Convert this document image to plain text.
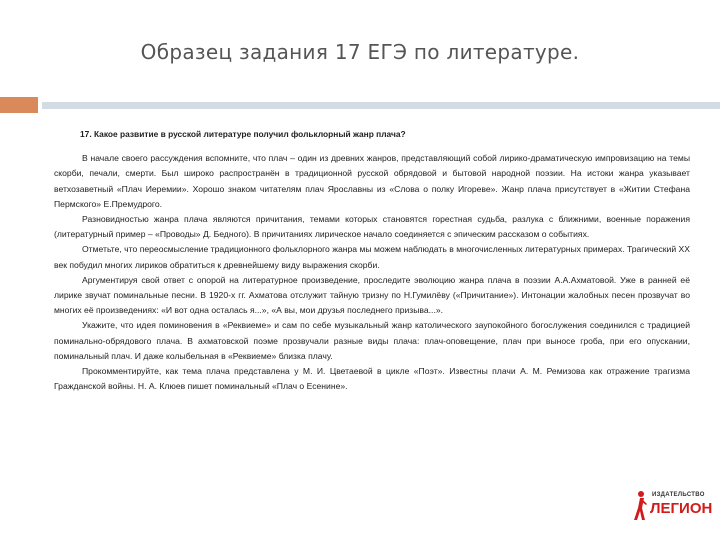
Образец задания 17 ЕГЭ по литературе.
17. Какое развитие в русской литературе получил фольклорный жанр плача?

В начале своего рассуждения вспомните, что плач – один из древних жанров, представляющий собой лирико-драматическую импровизацию на темы скорби, печали, смерти. Был широко распространён в традиционной русской обрядовой и бытовой народной поэзии. На истоки жанра указывает ветхозаветный «Плач Иеремии». Хорошо знаком читателям плач Ярославны из «Слова о полку Игореве». Жанр плача присутствует в «Житии Стефана Пермского» Е.Премудрого.

Разновидностью жанра плача являются причитания, темами которых становятся горестная судьба, разлука с ближними, военные поражения (литературный пример – «Проводы» Д. Бедного). В причитаниях лирическое начало соединяется с эпическим рассказом о событиях.

Отметьте, что переосмысление традиционного фольклорного жанра мы можем наблюдать в многочисленных литературных примерах. Трагический XX век побудил многих лириков обратиться к древнейшему виду выражения скорби.

Аргументируя свой ответ с опорой на литературное произведение, проследите эволюцию жанра плача в поэзии А.А.Ахматовой. Уже в ранней её лирике звучат поминальные песни. В 1920-х гг. Ахматова отслужит тайную тризну по Н.Гумилёву («Причитание»). Интонации жалобных песен прозвучат во многих её произведениях: «И вот одна осталась я...», «А вы, мои друзья последнего призыва...».

Укажите, что идея поминовения в «Реквиеме» и сам по себе музыкальный жанр католического заупокойного богослужения соединился с традицией поминально-обрядового плача. В ахматовской поэме прозвучали разные виды плача: плач-оповещение, плач при выносе гроба, при его опускании, поминальный плач. И даже колыбельная в «Реквиеме» близка плачу.

Прокомментируйте, как тема плача представлена у М. И. Цветаевой в цикле «Поэт». Известны плачи А. М. Ремизова как отражение трагизма Гражданской войны. Н. А. Клюев пишет поминальный «Плач о Есенине».

ИЗДАТЕЛЬСТВО
ЛЕГИОН
